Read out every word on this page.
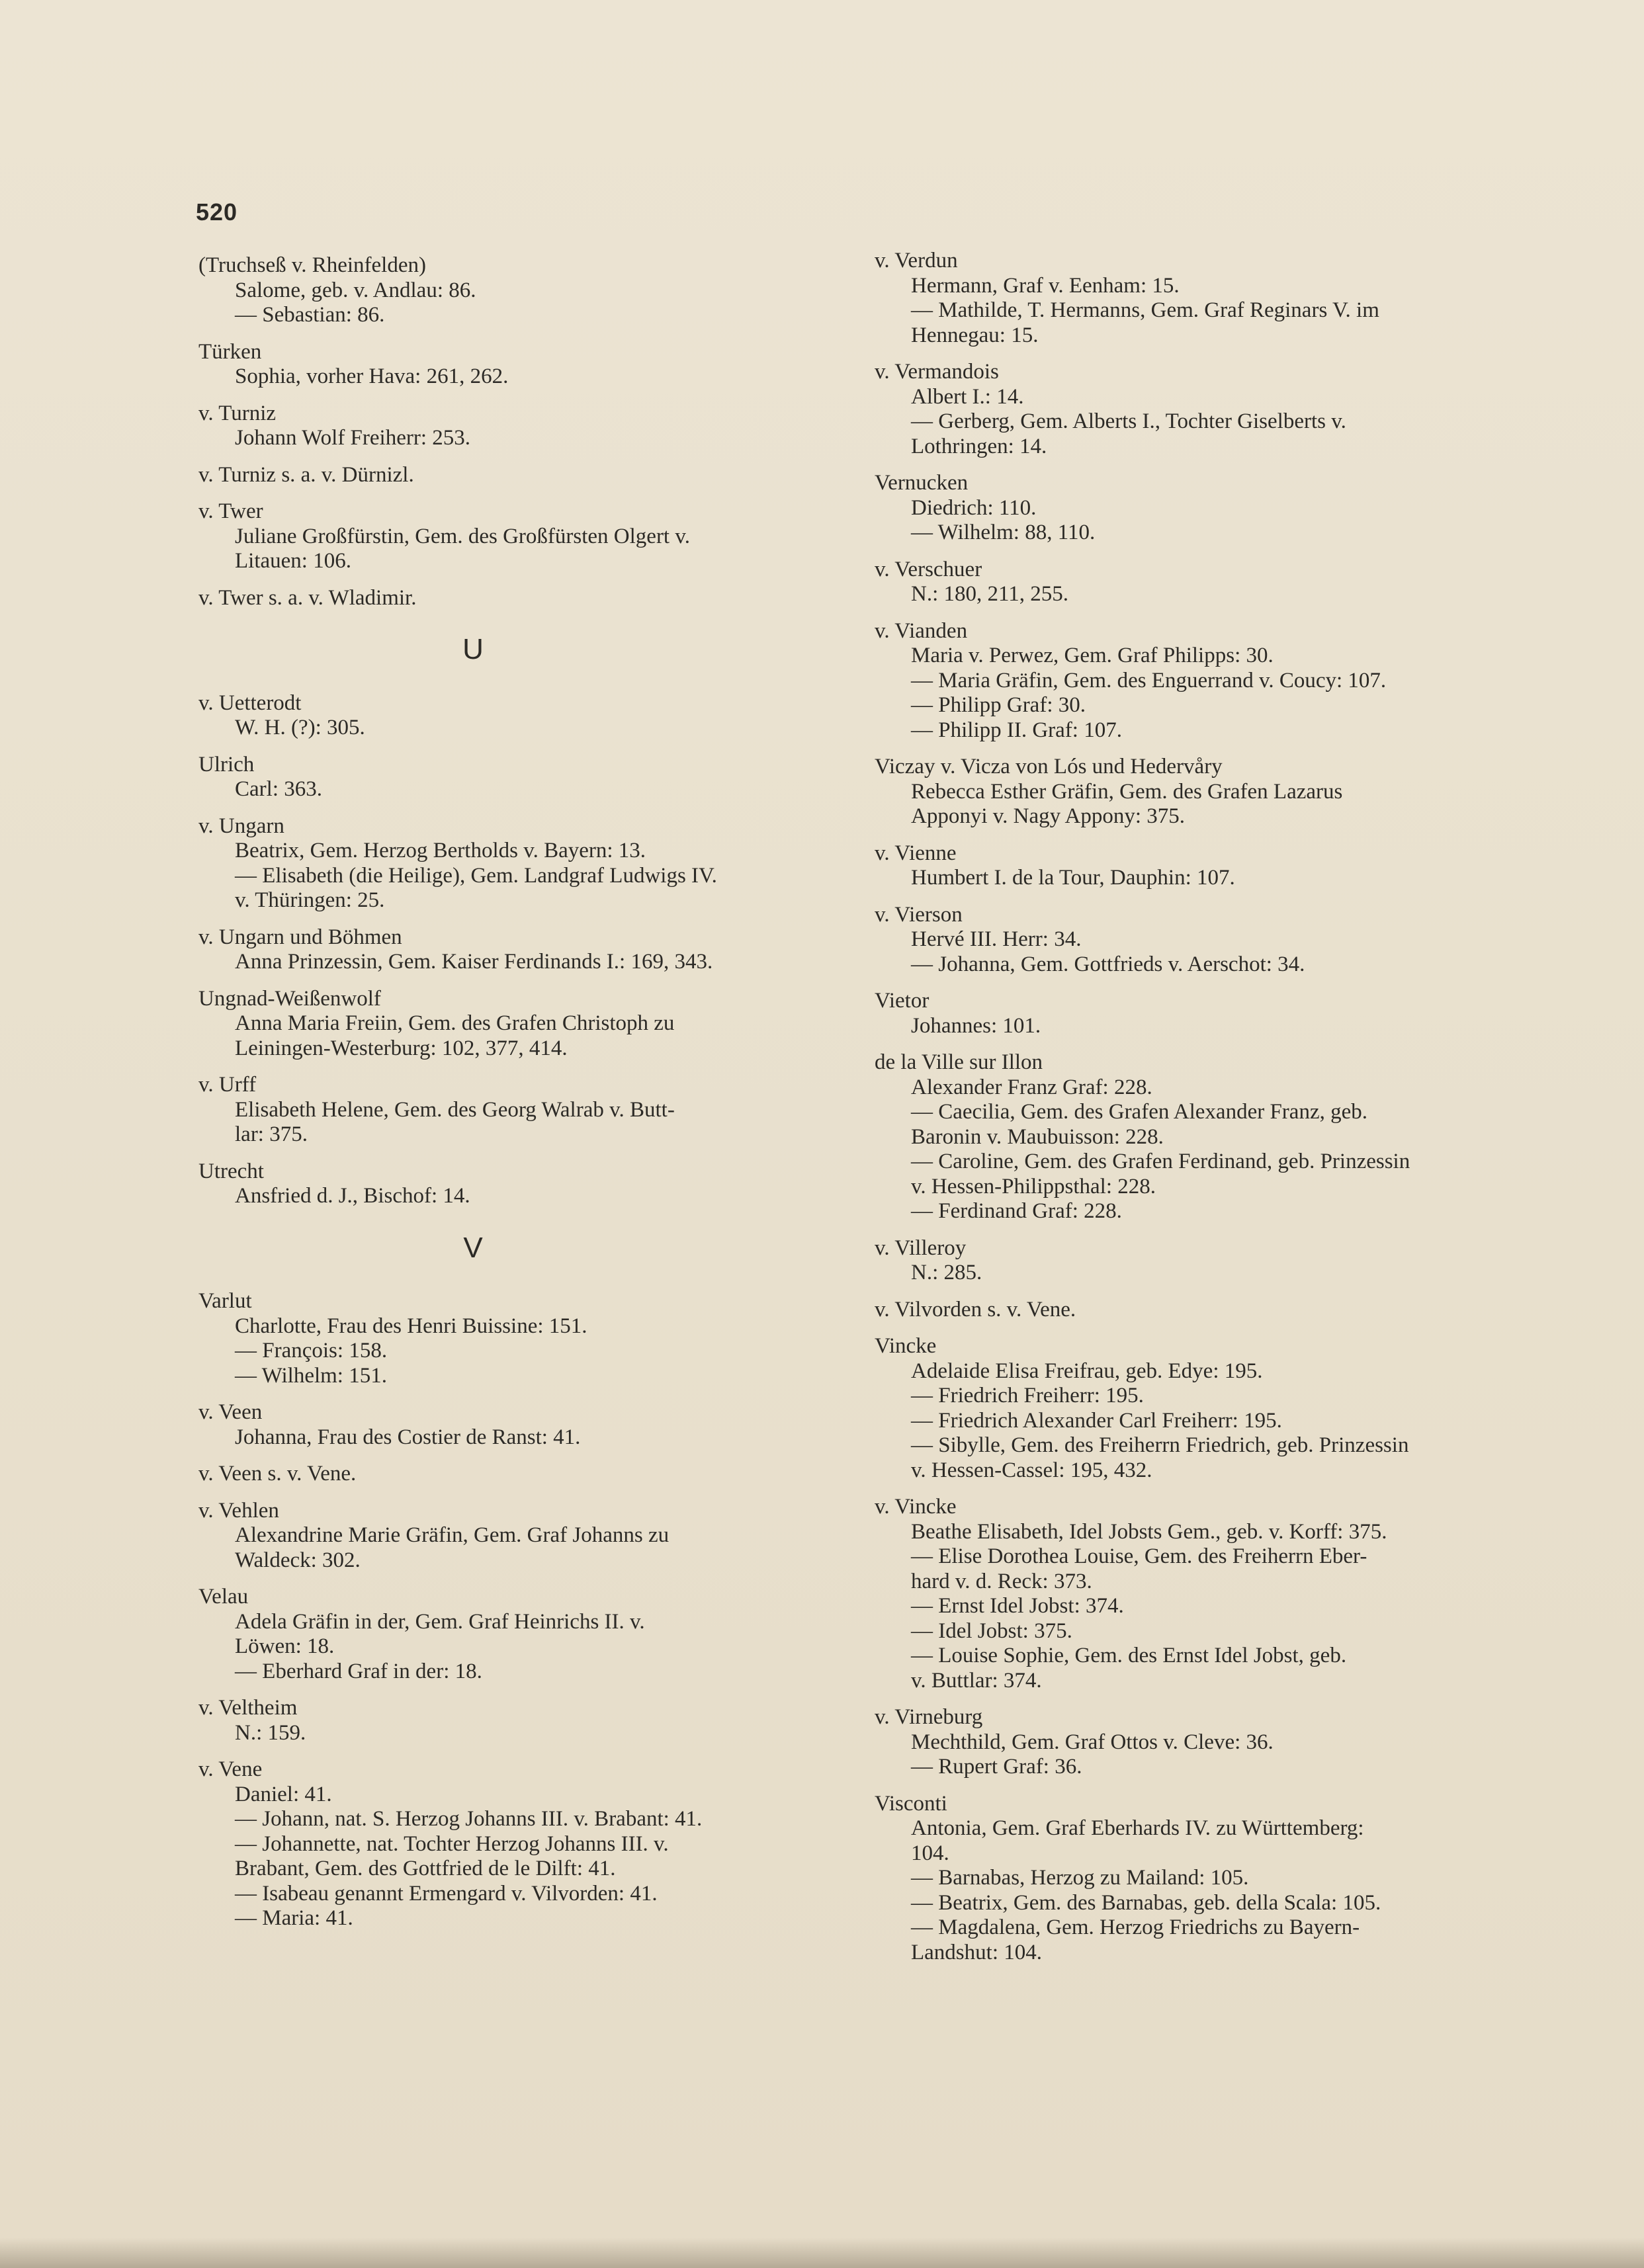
520
(Truchseß v. Rheinfelden)
Salome, geb. v. Andlau: 86.
— Sebastian: 86.
Türken
Sophia, vorher Hava: 261, 262.
v. Turniz
Johann Wolf Freiherr: 253.
v. Turniz s. a. v. Dürnizl.
v. Twer
Juliane Großfürstin, Gem. des Großfürsten Olgert v.
Litauen: 106.
v. Twer s. a. v. Wladimir.
U
v. Uetterodt
W. H. (?): 305.
Ulrich
Carl: 363.
v. Ungarn
Beatrix, Gem. Herzog Bertholds v. Bayern: 13.
— Elisabeth (die Heilige), Gem. Landgraf Ludwigs IV.
v. Thüringen: 25.
v. Ungarn und Böhmen
Anna Prinzessin, Gem. Kaiser Ferdinands I.: 169, 343.
Ungnad-Weißenwolf
Anna Maria Freiin, Gem. des Grafen Christoph zu
Leiningen-Westerburg: 102, 377, 414.
v. Urff
Elisabeth Helene, Gem. des Georg Walrab v. Butt-
lar: 375.
Utrecht
Ansfried d. J., Bischof: 14.
V
Varlut
Charlotte, Frau des Henri Buissine: 151.
— François: 158.
— Wilhelm: 151.
v. Veen
Johanna, Frau des Costier de Ranst: 41.
v. Veen s. v. Vene.
v. Vehlen
Alexandrine Marie Gräfin, Gem. Graf Johanns zu
Waldeck: 302.
Velau
Adela Gräfin in der, Gem. Graf Heinrichs II. v.
Löwen: 18.
— Eberhard Graf in der: 18.
v. Veltheim
N.: 159.
v. Vene
Daniel: 41.
— Johann, nat. S. Herzog Johanns III. v. Brabant: 41.
— Johannette, nat. Tochter Herzog Johanns III. v.
Brabant, Gem. des Gottfried de le Dilft: 41.
— Isabeau genannt Ermengard v. Vilvorden: 41.
— Maria: 41.
v. Verdun
Hermann, Graf v. Eenham: 15.
— Mathilde, T. Hermanns, Gem. Graf Reginars V. im
Hennegau: 15.
v. Vermandois
Albert I.: 14.
— Gerberg, Gem. Alberts I., Tochter Giselberts v.
Lothringen: 14.
Vernucken
Diedrich: 110.
— Wilhelm: 88, 110.
v. Verschuer
N.: 180, 211, 255.
v. Vianden
Maria v. Perwez, Gem. Graf Philipps: 30.
— Maria Gräfin, Gem. des Enguerrand v. Coucy: 107.
— Philipp Graf: 30.
— Philipp II. Graf: 107.
Viczay v. Vicza von Lós und Hedervåry
Rebecca Esther Gräfin, Gem. des Grafen Lazarus
Apponyi v. Nagy Appony: 375.
v. Vienne
Humbert I. de la Tour, Dauphin: 107.
v. Vierson
Hervé III. Herr: 34.
— Johanna, Gem. Gottfrieds v. Aerschot: 34.
Vietor
Johannes: 101.
de la Ville sur Illon
Alexander Franz Graf: 228.
— Caecilia, Gem. des Grafen Alexander Franz, geb.
Baronin v. Maubuisson: 228.
— Caroline, Gem. des Grafen Ferdinand, geb. Prinzessin
v. Hessen-Philippsthal: 228.
— Ferdinand Graf: 228.
v. Villeroy
N.: 285.
v. Vilvorden s. v. Vene.
Vincke
Adelaide Elisa Freifrau, geb. Edye: 195.
— Friedrich Freiherr: 195.
— Friedrich Alexander Carl Freiherr: 195.
— Sibylle, Gem. des Freiherrn Friedrich, geb. Prinzessin
v. Hessen-Cassel: 195, 432.
v. Vincke
Beathe Elisabeth, Idel Jobsts Gem., geb. v. Korff: 375.
— Elise Dorothea Louise, Gem. des Freiherrn Eber-
hard v. d. Reck: 373.
— Ernst Idel Jobst: 374.
— Idel Jobst: 375.
— Louise Sophie, Gem. des Ernst Idel Jobst, geb.
v. Buttlar: 374.
v. Virneburg
Mechthild, Gem. Graf Ottos v. Cleve: 36.
— Rupert Graf: 36.
Visconti
Antonia, Gem. Graf Eberhards IV. zu Württemberg:
104.
— Barnabas, Herzog zu Mailand: 105.
— Beatrix, Gem. des Barnabas, geb. della Scala: 105.
— Magdalena, Gem. Herzog Friedrichs zu Bayern-
Landshut: 104.
